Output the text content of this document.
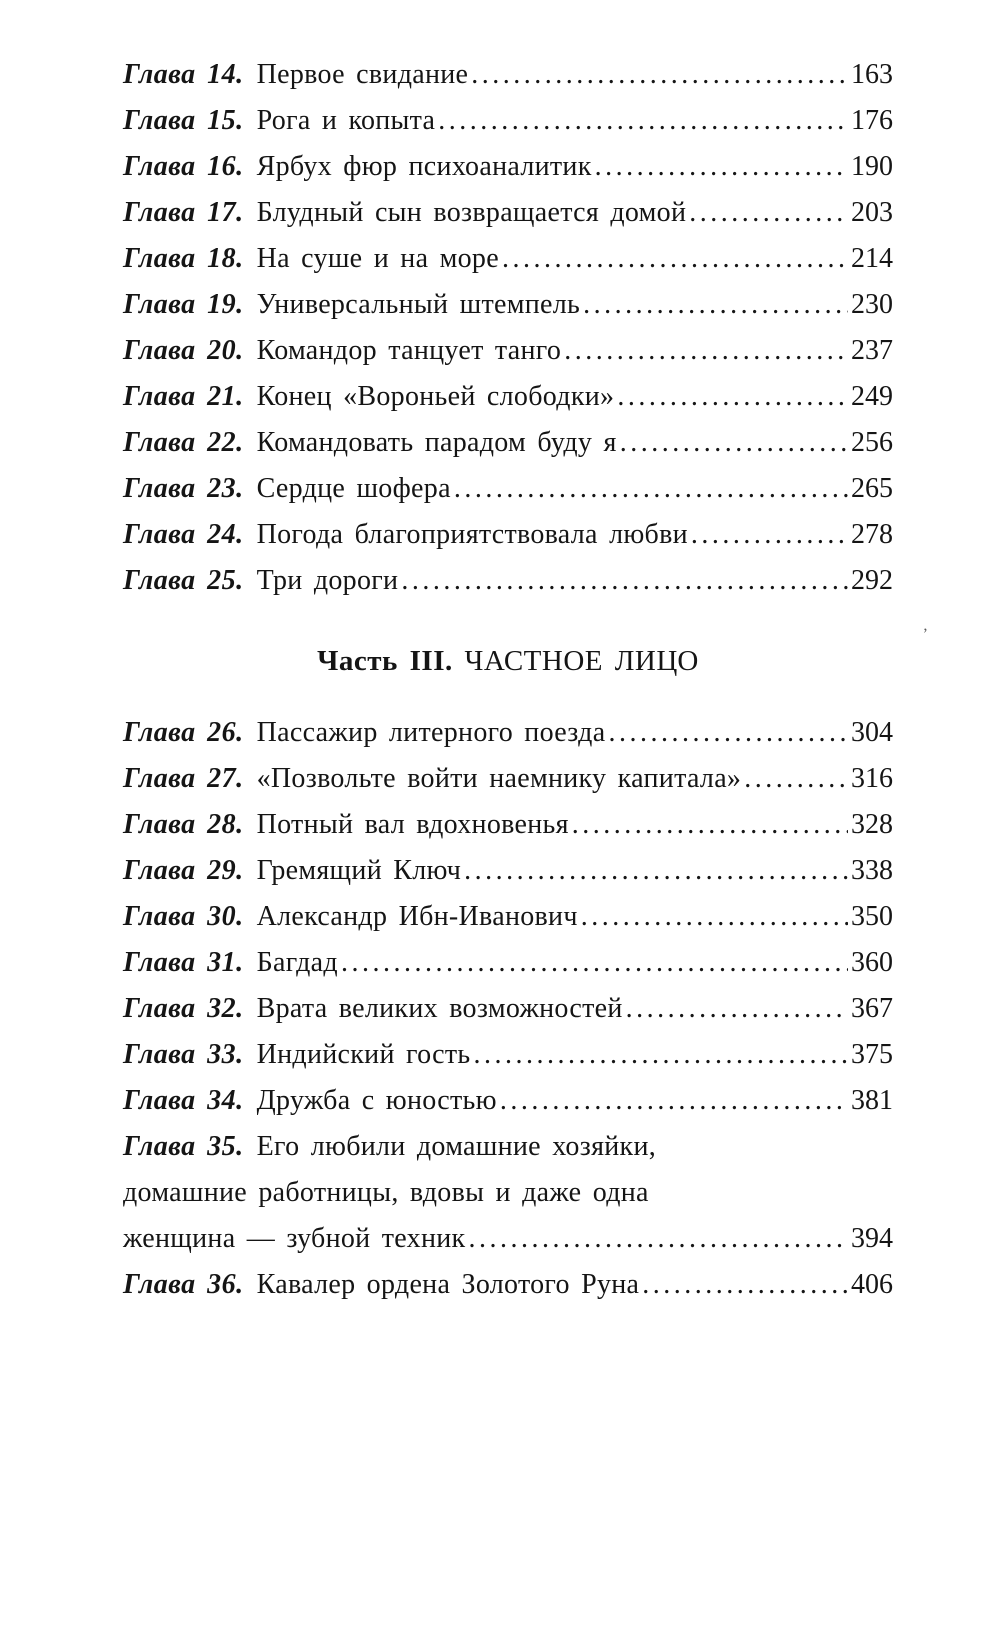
Глава 14. Первое свидание .....	163
Глава 15. Рога и копыта .....	176
Глава 16. Ярбух фюр психоаналитик .....	190
Глава 17. Блудный сын возвращается домой .....	203
Глава 18. На суше и на море .....	214
Глава 19. Универсальный штемпель .....	230
Глава 20. Командор танцует танго .....	237
Глава 21. Конец «Вороньей слободки» .....	249
Глава 22. Командовать парадом буду я .....	256
Глава 23. Сердце шофера .....	265
Глава 24. Погода благоприятствовала любви .....	278
Глава 25. Три дороги .....	292
Часть III. ЧАСТНОЕ ЛИЦО
Глава 26. Пассажир литерного поезда .....	304
Глава 27. «Позвольте войти наемнику капитала» .....	316
Глава 28. Потный вал вдохновенья .....	328
Глава 29. Гремящий Ключ .....	338
Глава 30. Александр Ибн-Иванович .....	350
Глава 31. Багдад .....	360
Глава 32. Врата великих возможностей .....	367
Глава 33. Индийский гость .....	375
Глава 34. Дружба с юностью .....	381
Глава 35. Его любили домашние хозяйки,
домашние работницы, вдовы и даже одна
женщина — зубной техник .....	394
Глава 36. Кавалер ордена Золотого Руна .....	406
’
